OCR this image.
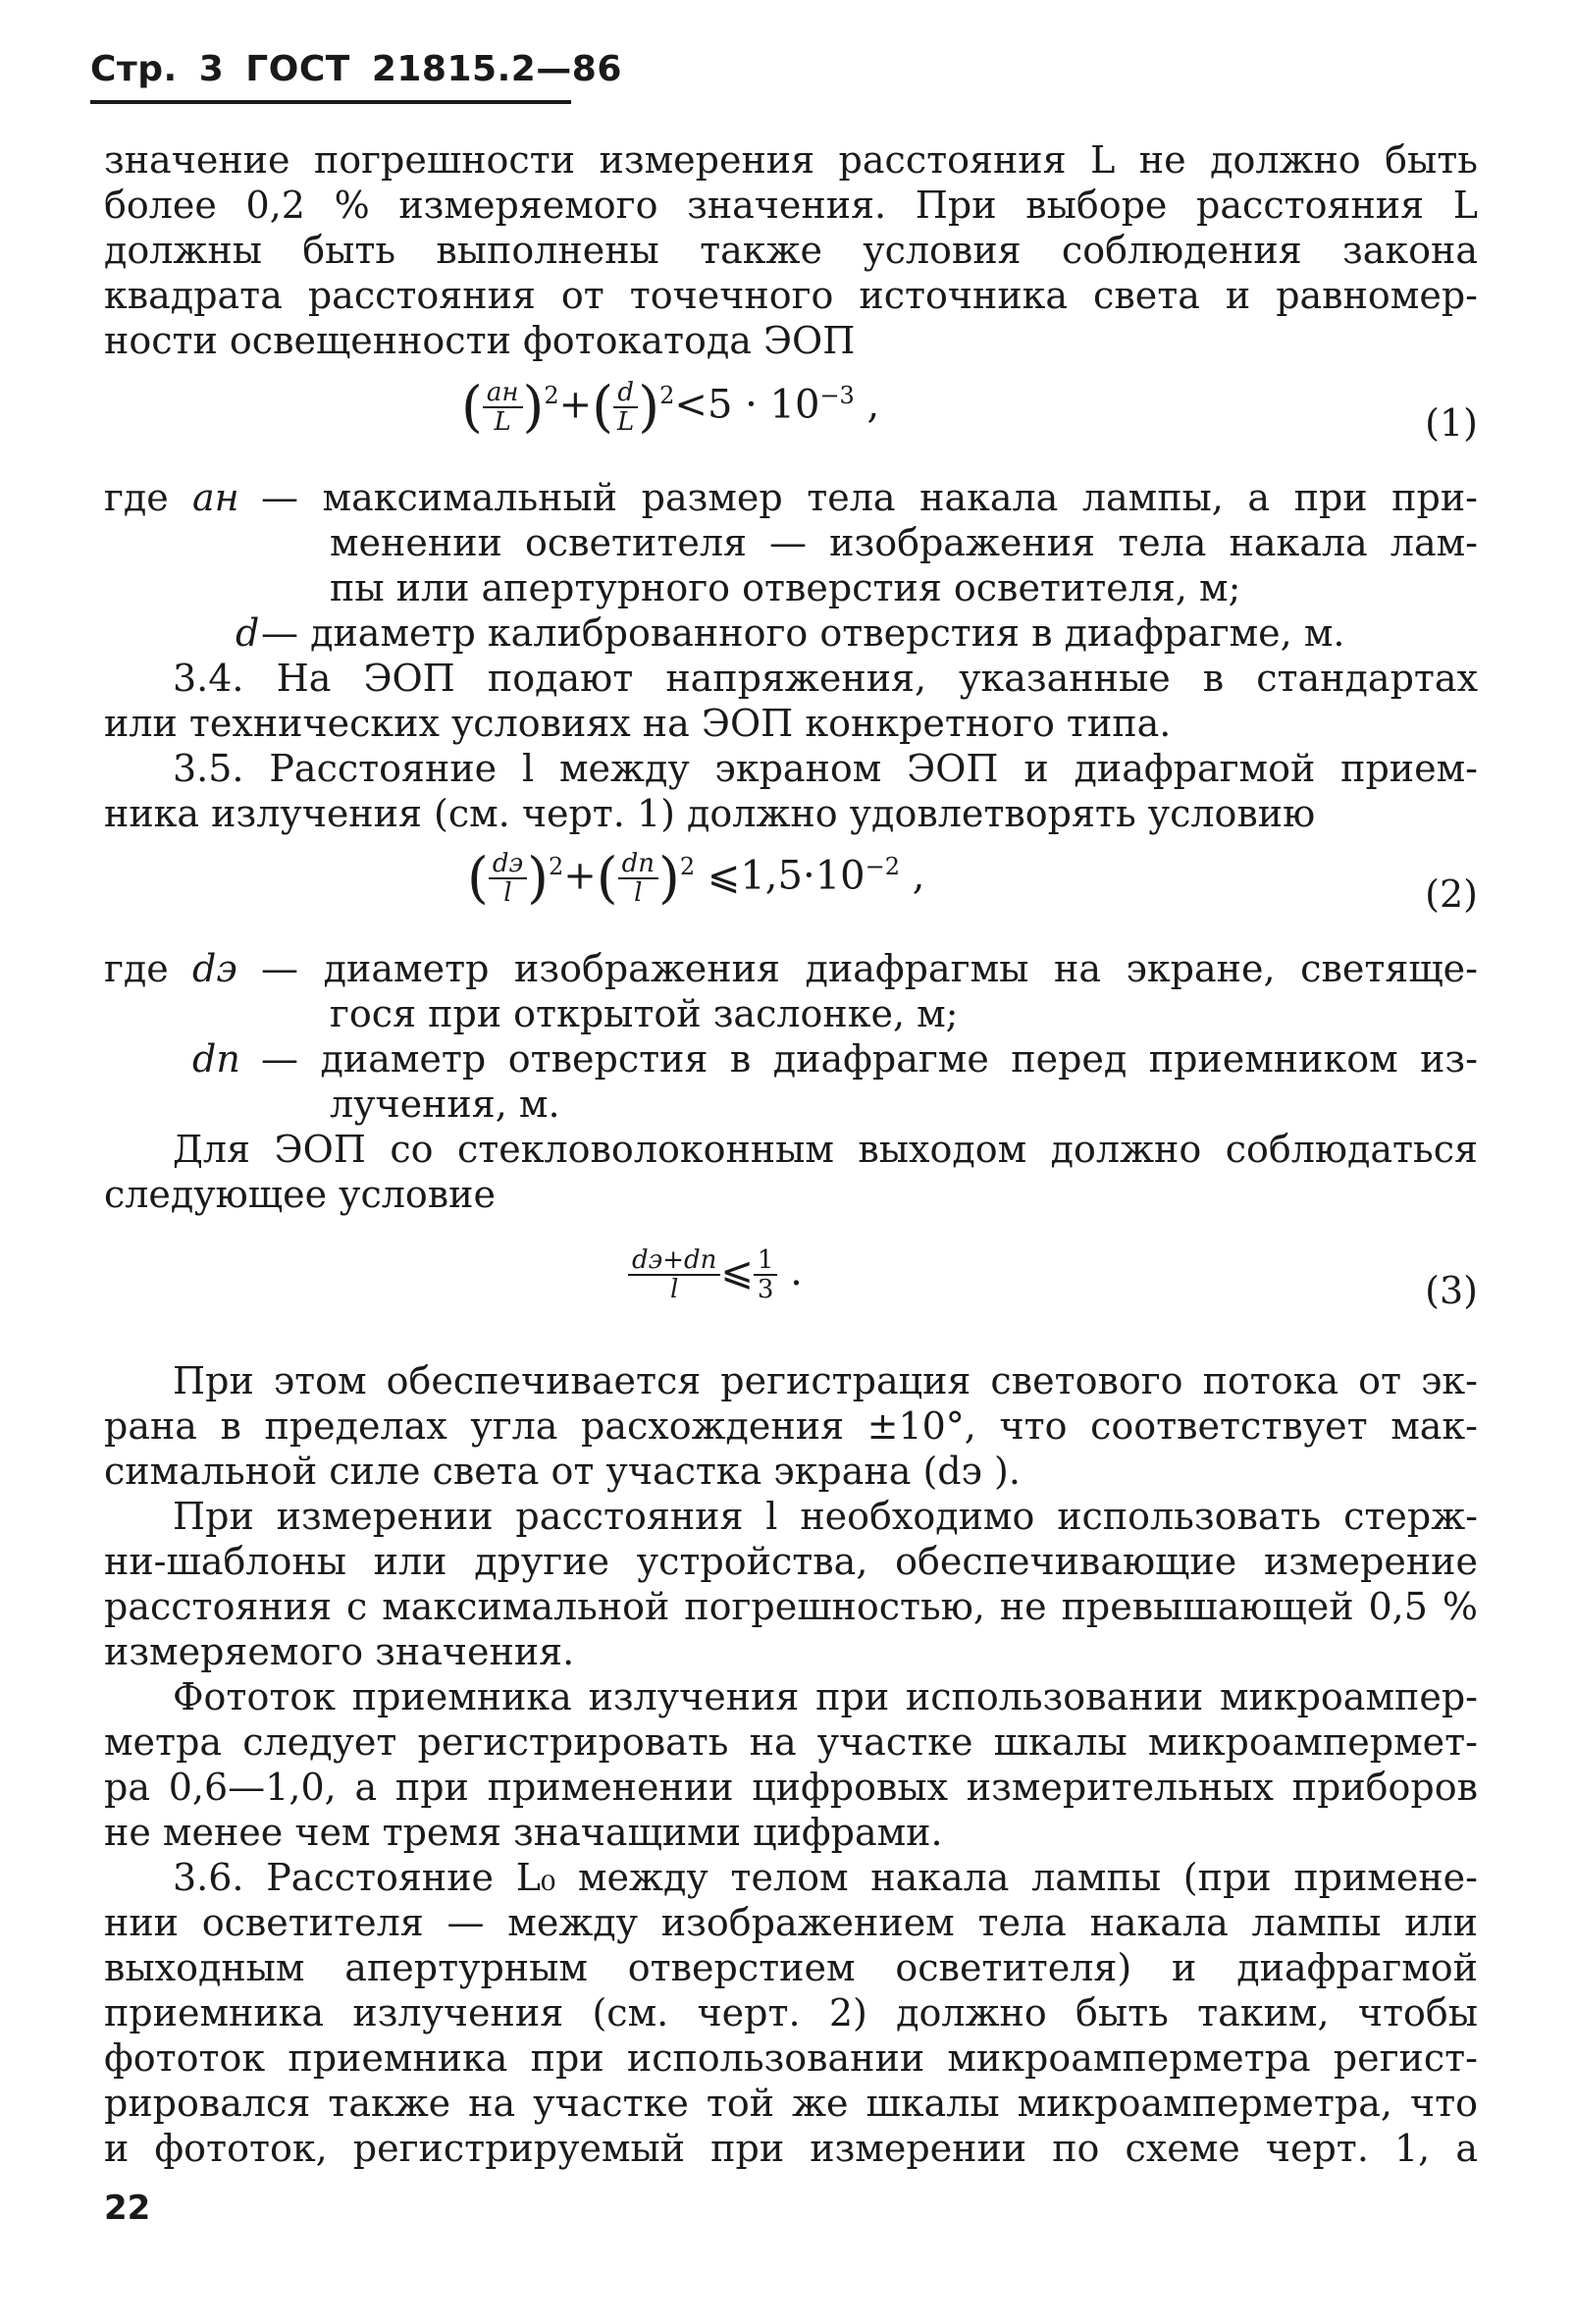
Стр. 3 ГОСТ 21815.2—86
значение погрешности измерения расстояния L не должно быть
более 0,2 % измеряемого значения. При выборе расстояния L
должны быть выполнены также условия соблюдения закона
квадрата расстояния от точечного источника света и равномер-
ности освещенности фотокатода ЭОП
( $\frac{aн}{L} )^2+( \frac{d}{L} )^2<5 \cdot 10^{-3}$ ,	(1)
где aн — максимальный размер тела накала лампы, а при при-
менении осветителя — изображения тела накала лам-
пы или апертурного отверстия осветителя, м;
d — диаметр калиброванного отверстия в диафрагме, м.
3.4. На ЭОП подают напряжения, указанные в стандартах
или технических условиях на ЭОП конкретного типа.
3.5. Расстояние l между экраном ЭОП и диафрагмой прием-
ника излучения (см. черт. 1) должно удовлетворять условию
( $\frac{dэ}{l} )^2+( \frac{dп}{l} )^2$ $⩽1,5\cdot 10^{-2}$ ,	(2)
где dэ — диаметр изображения диафрагмы на экране, светяще-
гося при открытой заслонке, м;
dп — диаметр отверстия в диафрагме перед приемником из-
лучения, м.
Для ЭОП со стекловолоконным выходом должно соблюдаться
следующее условие
$\frac{dэ+dп}{l}$ ⩽ $\frac{1}{3}$ .	(3)
При этом обеспечивается регистрация светового потока от эк-
рана в пределах угла расхождения ±10°, что соответствует мак-
симальной силе света от участка экрана (dэ ).
При измерении расстояния l необходимо использовать стерж-
ни-шаблоны или другие устройства, обеспечивающие измерение
расстояния с максимальной погрешностью, не превышающей 0,5 %
измеряемого значения.
Фототок приемника излучения при использовании микроампер-
метра следует регистрировать на участке шкалы микроампермет-
ра 0,6—1,0, а при применении цифровых измерительных приборов
не менее чем тремя значащими цифрами.
3.6. Расстояние L₀ между телом накала лампы (при примене-
нии осветителя — между изображением тела накала лампы или
выходным апертурным отверстием осветителя) и диафрагмой
приемника излучения (см. черт. 2) должно быть таким, чтобы
фототок приемника при использовании микроамперметра регист-
рировался также на участке той же шкалы микроамперметра, что
и фототок, регистрируемый при измерении по схеме черт. 1, а
22
